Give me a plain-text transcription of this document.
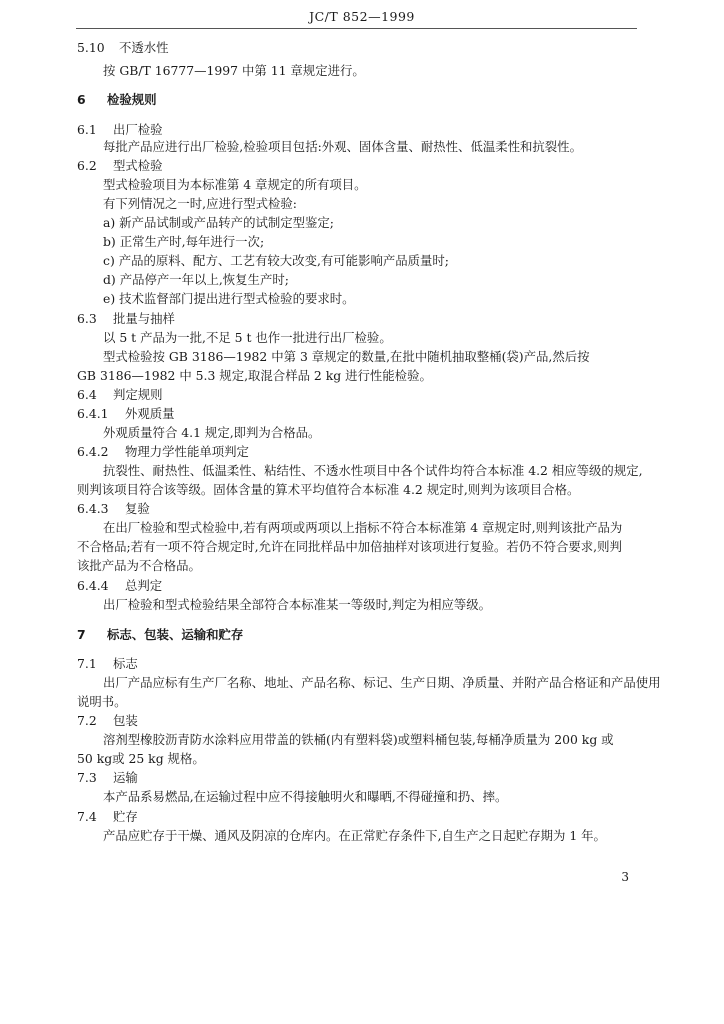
JC/T 852—1999
5.10 不透水性
按 GB/T 16777—1997 中第 11 章规定进行。
6 检验规则
6.1 出厂检验
每批产品应进行出厂检验,检验项目包括:外观、固体含量、耐热性、低温柔性和抗裂性。
6.2 型式检验
型式检验项目为本标准第 4 章规定的所有项目。
有下列情况之一时,应进行型式检验:
a) 新产品试制或产品转产的试制定型鉴定;
b) 正常生产时,每年进行一次;
c) 产品的原料、配方、工艺有较大改变,有可能影响产品质量时;
d) 产品停产一年以上,恢复生产时;
e) 技术监督部门提出进行型式检验的要求时。
6.3 批量与抽样
以 5 t 产品为一批,不足 5 t 也作一批进行出厂检验。
型式检验按 GB 3186—1982 中第 3 章规定的数量,在批中随机抽取整桶(袋)产品,然后按
GB 3186—1982 中 5.3 规定,取混合样品 2 kg 进行性能检验。
6.4 判定规则
6.4.1 外观质量
外观质量符合 4.1 规定,即判为合格品。
6.4.2 物理力学性能单项判定
抗裂性、耐热性、低温柔性、粘结性、不透水性项目中各个试件均符合本标准 4.2 相应等级的规定,
则判该项目符合该等级。固体含量的算术平均值符合本标准 4.2 规定时,则判为该项目合格。
6.4.3 复验
在出厂检验和型式检验中,若有两项或两项以上指标不符合本标准第 4 章规定时,则判该批产品为
不合格品;若有一项不符合规定时,允许在同批样品中加倍抽样对该项进行复验。若仍不符合要求,则判
该批产品为不合格品。
6.4.4 总判定
出厂检验和型式检验结果全部符合本标准某一等级时,判定为相应等级。
7 标志、包装、运输和贮存
7.1 标志
出厂产品应标有生产厂名称、地址、产品名称、标记、生产日期、净质量、并附产品合格证和产品使用
说明书。
7.2 包装
溶剂型橡胶沥青防水涂料应用带盖的铁桶(内有塑料袋)或塑料桶包装,每桶净质量为 200 kg 或
50 kg或 25 kg 规格。
7.3 运输
本产品系易燃品,在运输过程中应不得接触明火和曝晒,不得碰撞和扔、摔。
7.4 贮存
产品应贮存于干燥、通风及阴凉的仓库内。在正常贮存条件下,自生产之日起贮存期为 1 年。
3
